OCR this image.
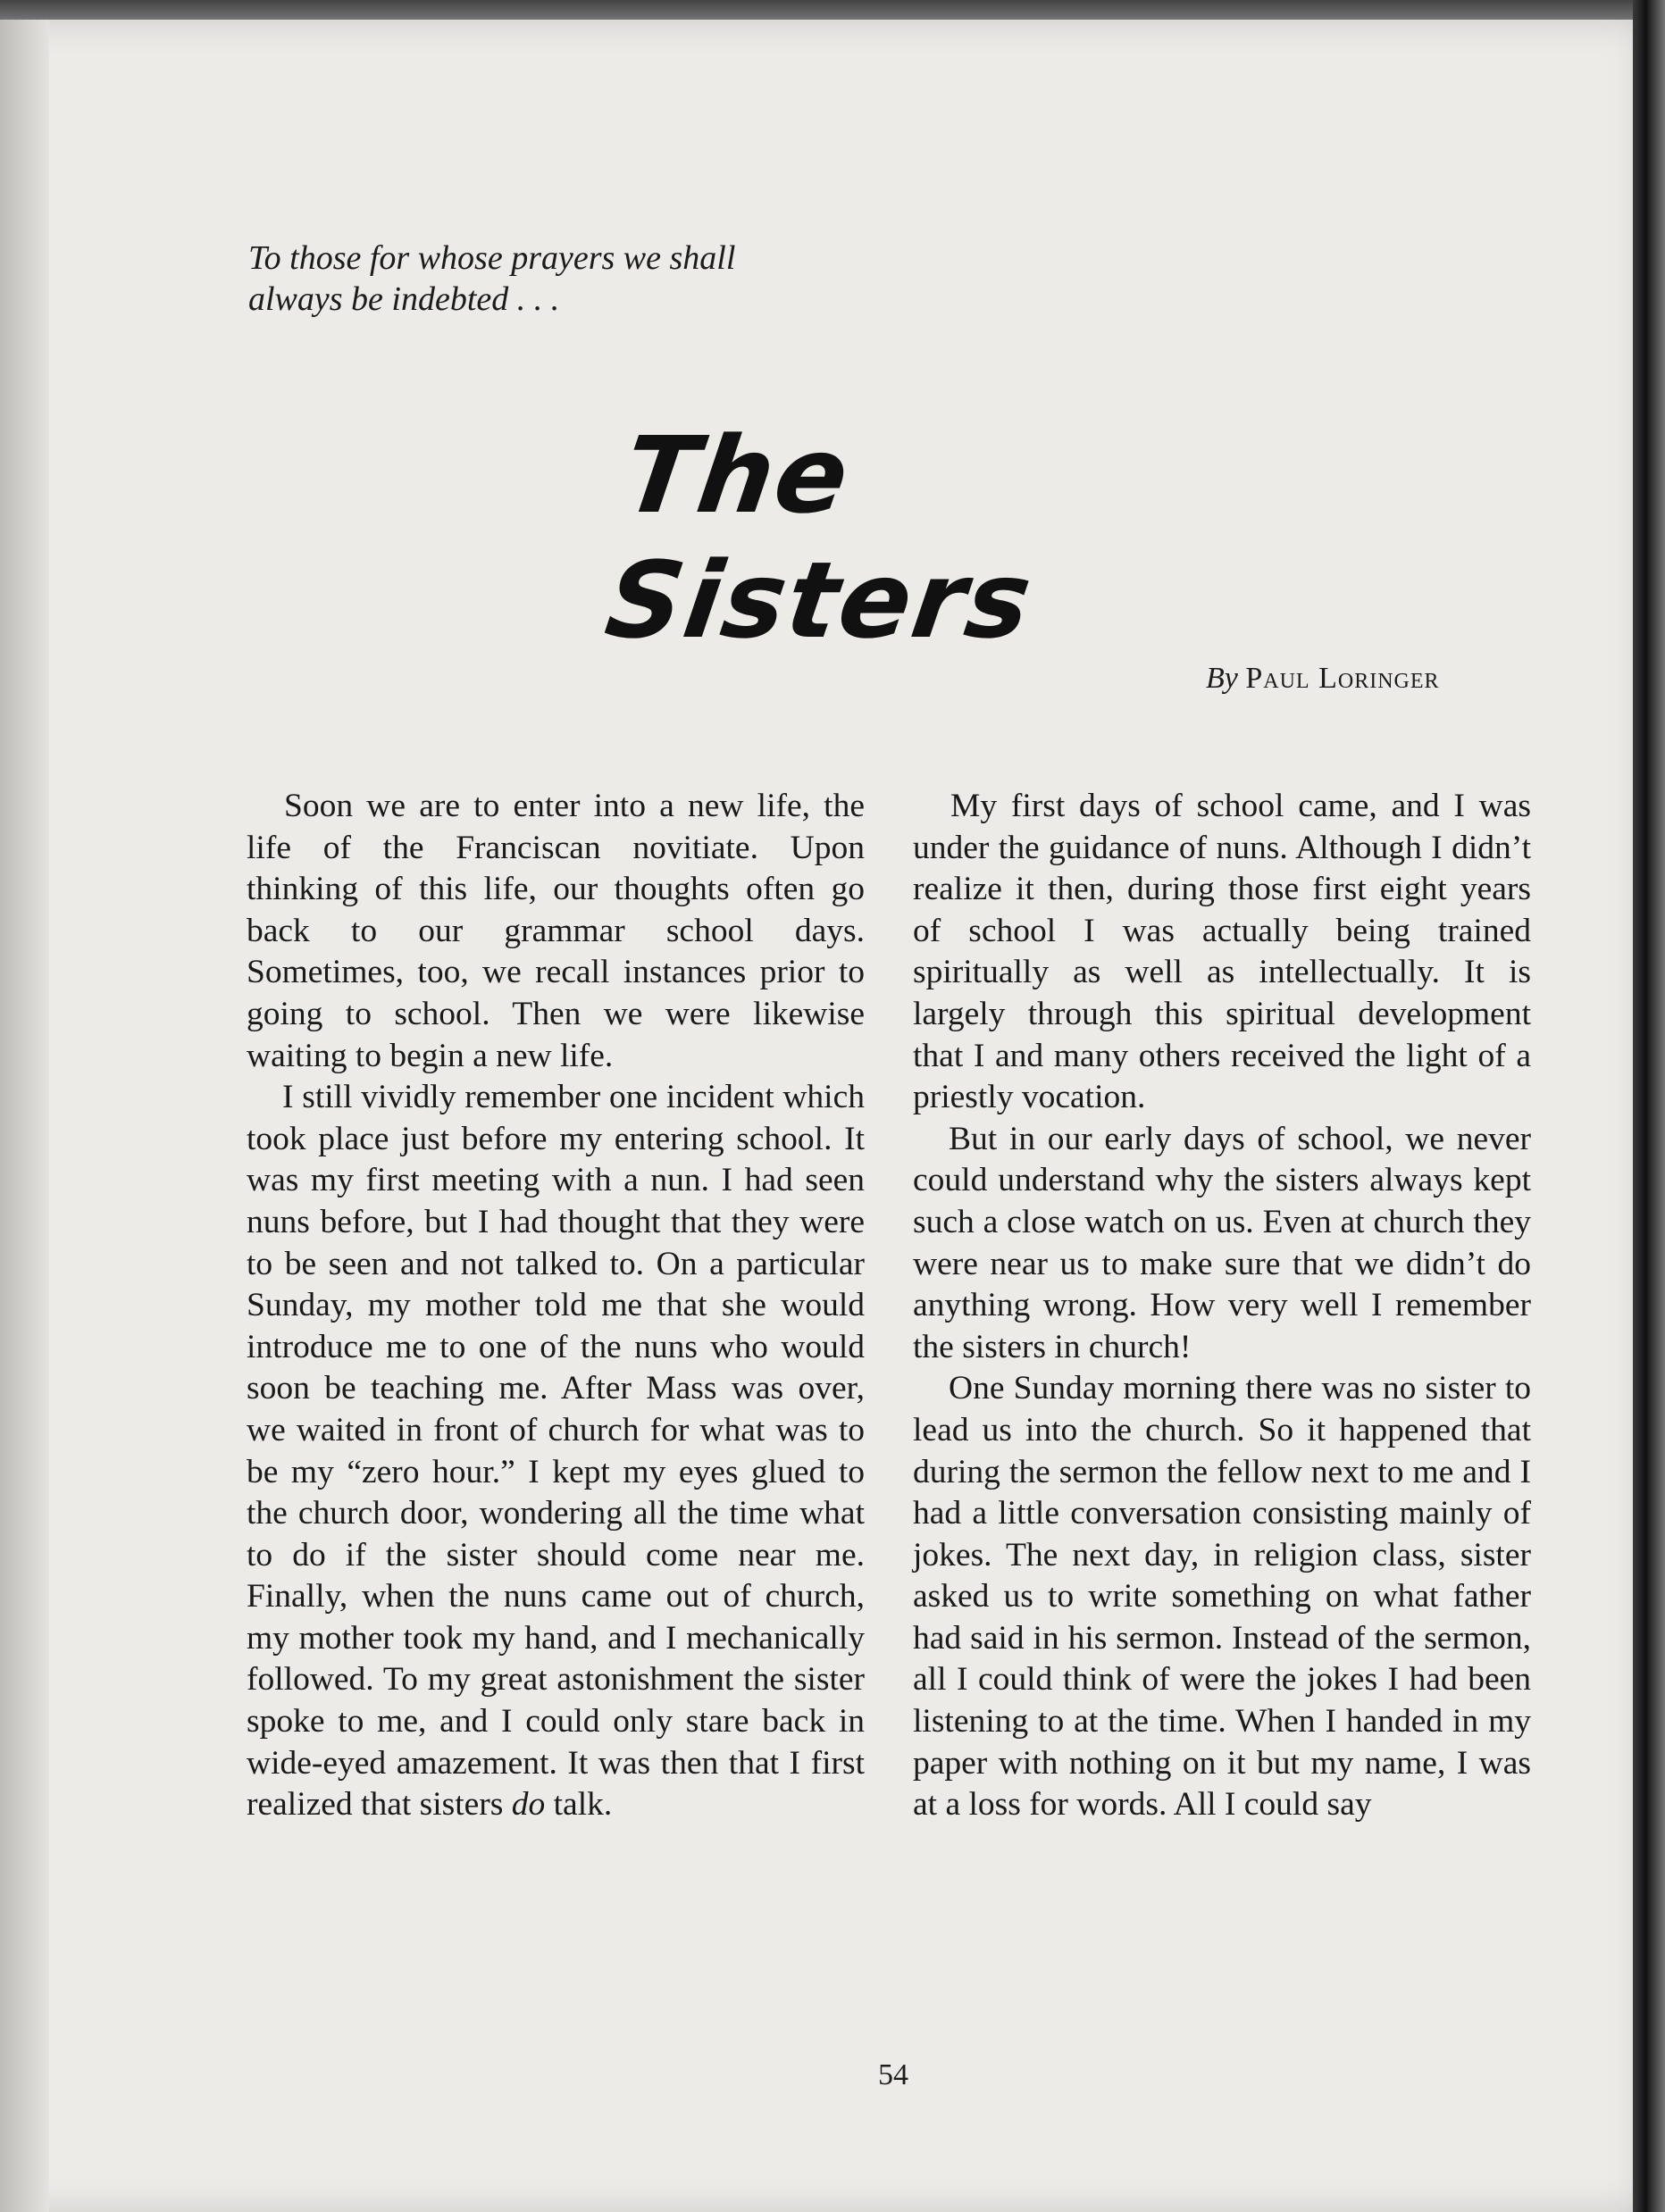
To those for whose prayers we shall
always be indebted . . .
The Sisters
By Paul Loringer

Soon we are to enter into a new life, the life of the Franciscan novitiate. Upon thinking of this life, our thoughts often go back to our grammar school days. Sometimes, too, we recall instances prior to going to school. Then we were likewise waiting to begin a new life.

I still vividly remember one incident which took place just before my entering school. It was my first meeting with a nun. I had seen nuns before, but I had thought that they were to be seen and not talked to. On a particular Sunday, my mother told me that she would introduce me to one of the nuns who would soon be teaching me. After Mass was over, we waited in front of church for what was to be my “zero hour.” I kept my eyes glued to the church door, wondering all the time what to do if the sister should come near me. Finally, when the nuns came out of church, my mother took my hand, and I mechanically followed. To my great astonishment the sister spoke to me, and I could only stare back in wide-eyed amazement. It was then that I first realized that sisters do talk.

My first days of school came, and I was under the guidance of nuns. Although I didn’t realize it then, during those first eight years of school I was actually being trained spiritually as well as intellectually. It is largely through this spiritual development that I and many others received the light of a priestly vocation.

But in our early days of school, we never could understand why the sisters always kept such a close watch on us. Even at church they were near us to make sure that we didn’t do anything wrong. How very well I remember the sisters in church!

One Sunday morning there was no sister to lead us into the church. So it happened that during the sermon the fellow next to me and I had a little conversation consisting mainly of jokes. The next day, in religion class, sister asked us to write something on what father had said in his sermon. Instead of the sermon, all I could think of were the jokes I had been listening to at the time. When I handed in my paper with nothing on it but my name, I was at a loss for words. All I could say

54
